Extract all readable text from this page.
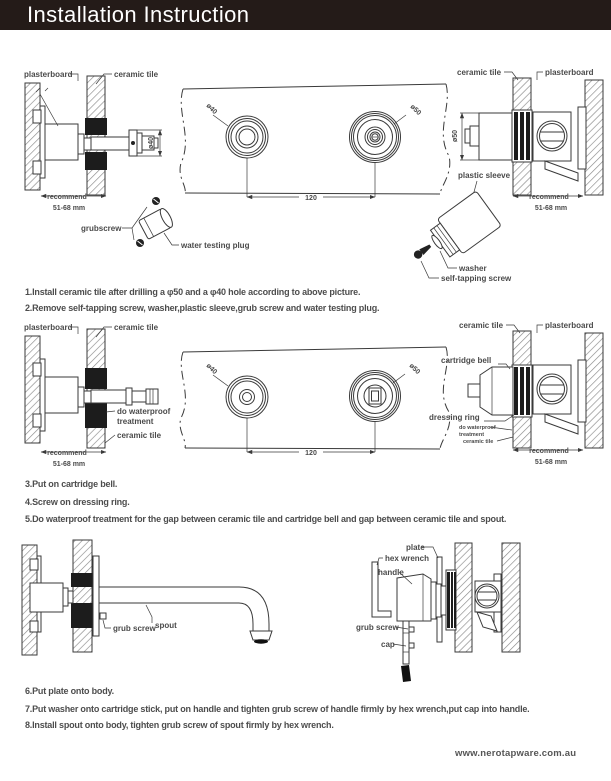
Installation Instruction
ø40
plasterboard	ceramic tile
recommend
51-68 mm
120
ø40	ø50
ø50
ceramic tile	plasterboard
recommend
51-68 mm
grubscrew
water testing plug
plastic sleeve
washer
self-tapping screw
plasterboard	ceramic tile
do waterproof
treatment
ceramic tile
recommend
51-68 mm
120
ø40	ø50
ceramic tile	plasterboard
cartridge bell
dressing ring
do waterproof
treatment
ceramic tile
recommend
51-68 mm
grub screw spout
plate
hex wrench
handle
grub screw
cap
1.Install ceramic tile after drilling a φ50 and a φ40 hole according to above picture.
2.Remove self-tapping screw, washer,plastic sleeve,grub screw and water testing plug.
3.Put on cartridge bell.
4.Screw on dressing ring.
5.Do waterproof treatment for the gap between ceramic tile and cartridge bell and gap between ceramic tile and spout.
6.Put plate onto body.
7.Put washer onto cartridge stick, put on handle and tighten grub screw of handle firmly by hex wrench,put cap into handle.
8.Install spout onto body, tighten grub screw of spout firmly by hex wrench.
www.nerotapware.com.au
